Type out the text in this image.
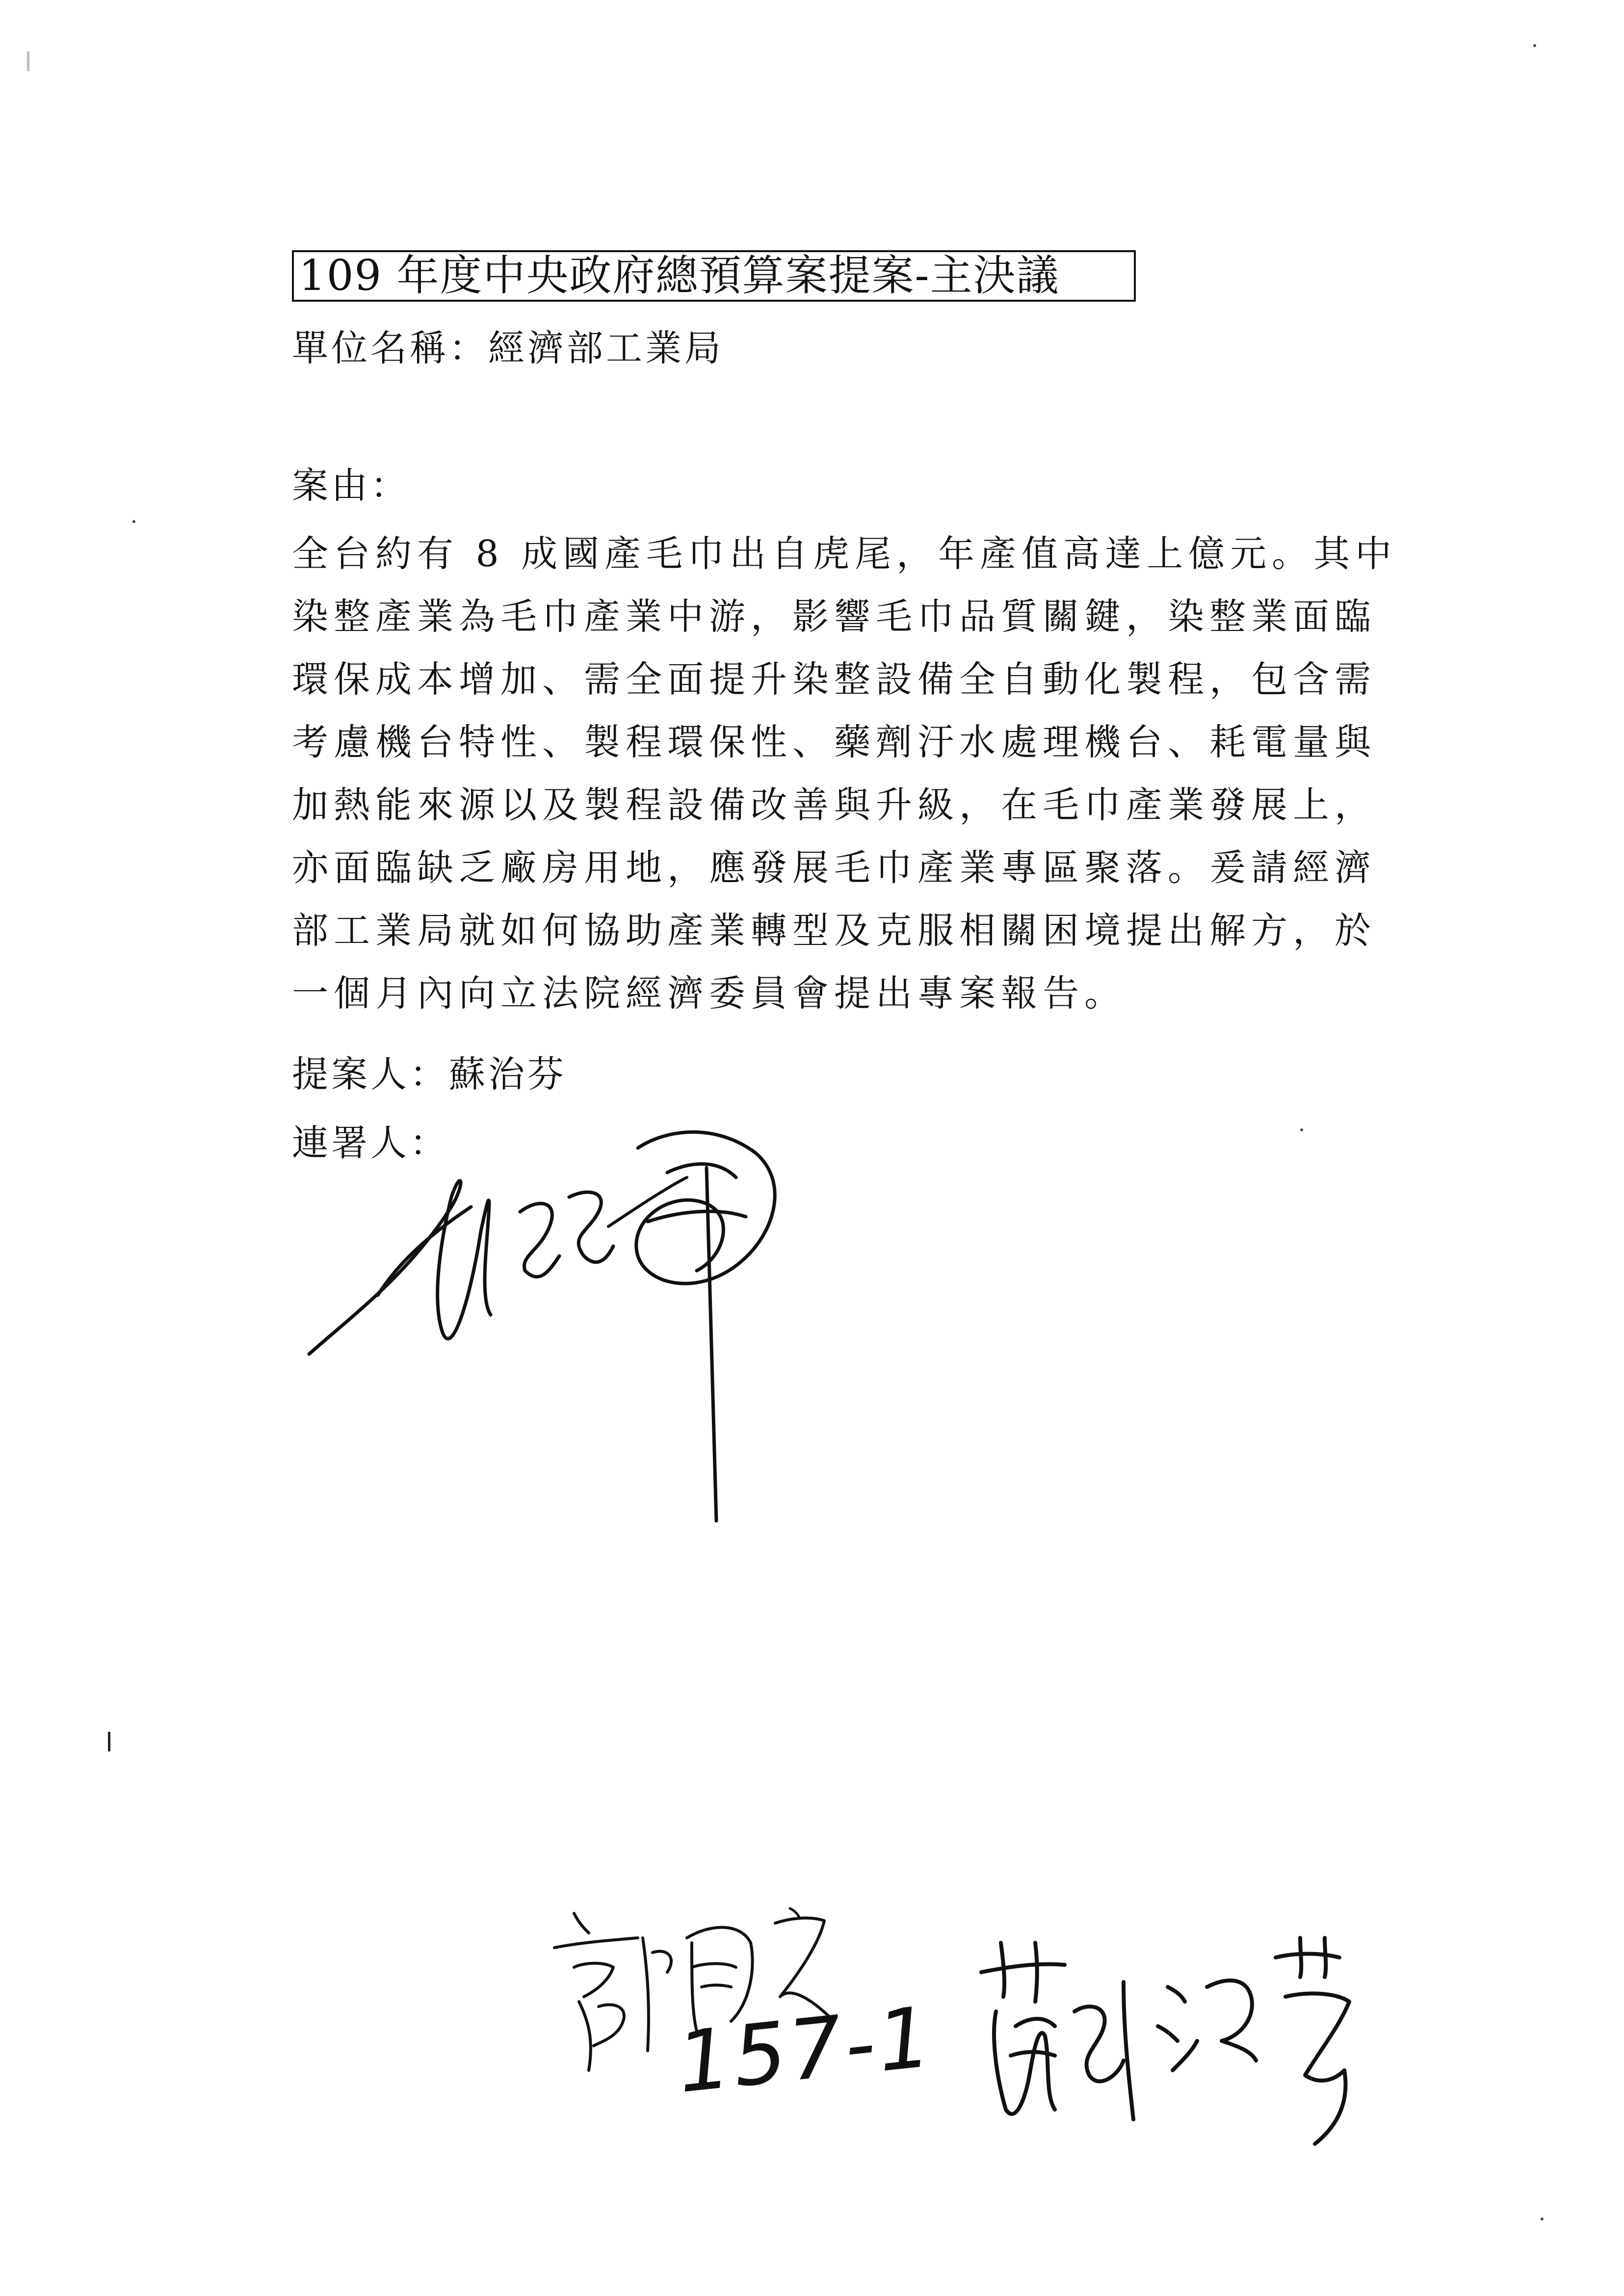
109 年度中央政府總預算案提案-主決議
單位名稱：經濟部工業局
案由：
全台約有 8 成國產毛巾出自虎尾，年產值高達上億元。其中
染整產業為毛巾產業中游，影響毛巾品質關鍵，染整業面臨
環保成本增加、需全面提升染整設備全自動化製程，包含需
考慮機台特性、製程環保性、藥劑汙水處理機台、耗電量與
加熱能來源以及製程設備改善與升級，在毛巾產業發展上，
亦面臨缺乏廠房用地，應發展毛巾產業專區聚落。爰請經濟
部工業局就如何協助產業轉型及克服相關困境提出解方，於
一個月內向立法院經濟委員會提出專案報告。
提案人：蘇治芬
連署人：
157-1
